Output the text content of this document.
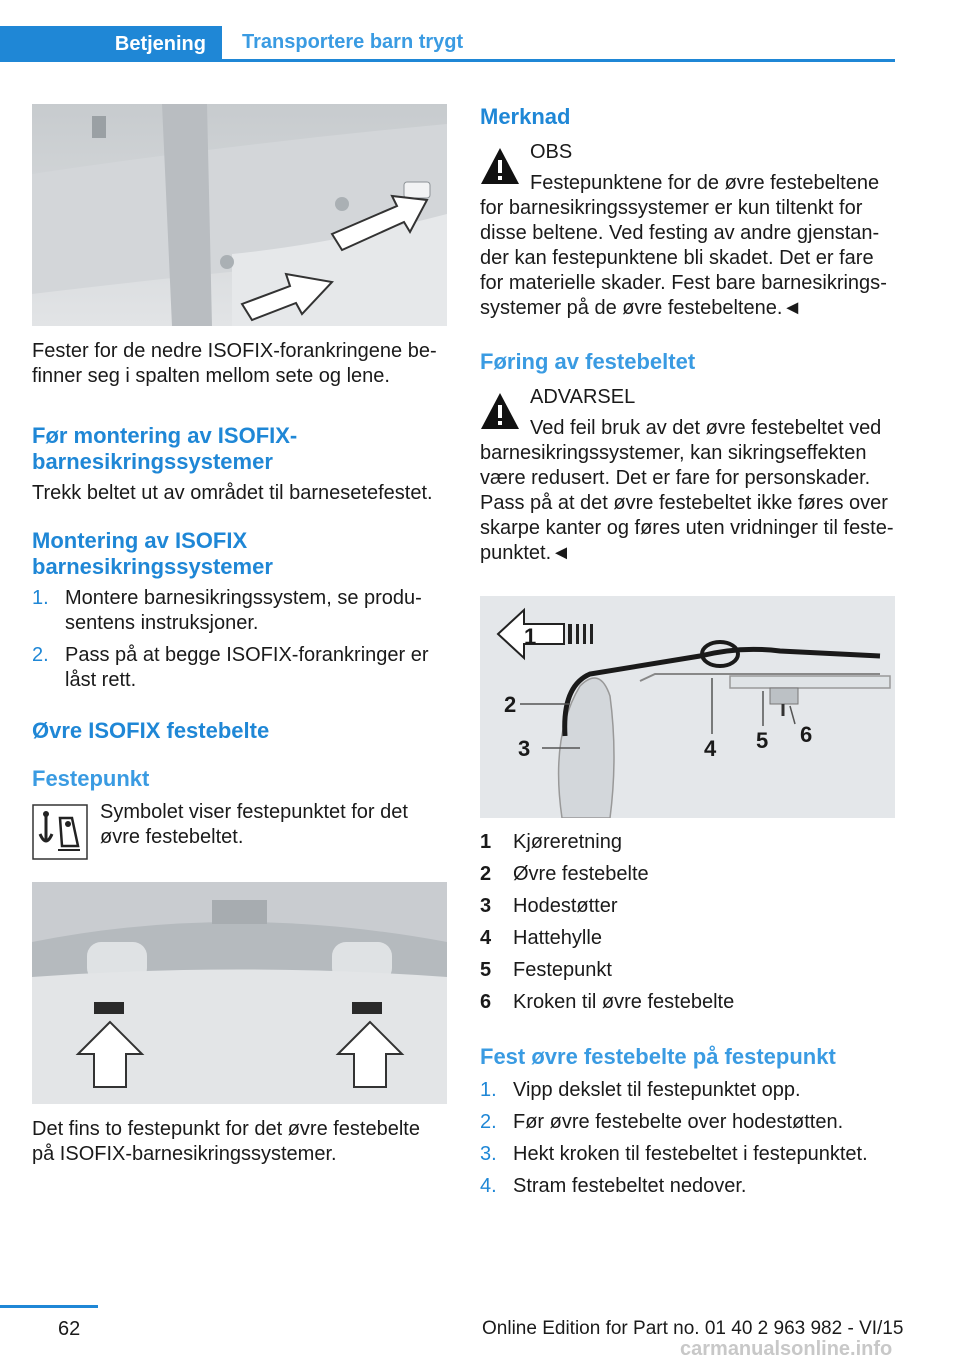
Betjening	Transportere barn trygt

Fester for de nedre ISOFIX-forankringene befinner seg i spalten mellom sete og lene.

Før montering av ISOFIX-barnesikringssystemer

Trekk beltet ut av området til barnesetefestet.

Montering av ISOFIX barnesikringssystemer
1. Montere barnesikringssystem, se produsentens instruksjoner.
2. Pass på at begge ISOFIX-forankringer er låst rett.
Øvre ISOFIX festebelte
Festepunkt

Symbolet viser festepunktet for det øvre festebeltet.

Det fins to festepunkt for det øvre festebelte på ISOFIX-barnesikringssystemer.

Merknad

OBS

Festepunktene for de øvre festebeltene

for barnesikringssystemer er kun tiltenkt for disse beltene. Ved festing av andre gjenstander kan festepunktene bli skadet. Det er fare for materielle skader. Fest bare barnesikringssystemer på de øvre festebeltene.◄

Føring av festebeltet

ADVARSEL

Ved feil bruk av det øvre festebeltet ved

barnesikringssystemer, kan sikringseffekten være redusert. Det er fare for personskader. Pass på at det øvre festebeltet ikke føres over skarpe kanter og føres uten vridninger til festepunktet.◄

1
2
3	4 5 6
1	Kjøreretning
2	Øvre festebelte
3	Hodestøtter
4	Hattehylle
5	Festepunkt
6	Kroken til øvre festebelte
Fest øvre festebelte på festepunkt
1. Vipp dekslet til festepunktet opp.
2. Før øvre festebelte over hodestøtten.
3. Hekt kroken til festebeltet i festepunktet.
4. Stram festebeltet nedover.
62	Online Edition for Part no. 01 40 2 963 982 - VI/15
carmanualsonline.info
